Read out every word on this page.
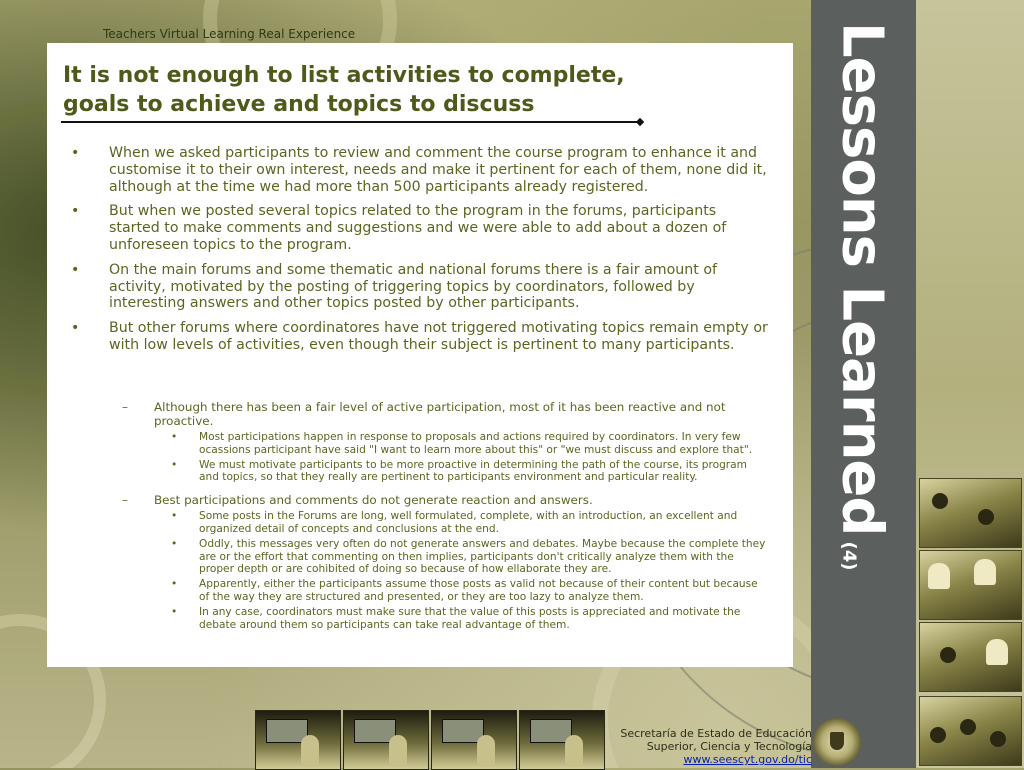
Teachers Virtual Learning Real Experience
It is not enough to list activities to complete, goals to achieve and topics to discuss
• When we asked participants to review and comment the course program to enhance it and customise it to their own interest, needs and make it pertinent for each of them, none did it, although at the time we had more than 500 participants already registered.
• But when we posted several topics related to the program in the forums, participants started to make comments and suggestions and we were able to add about a dozen of unforeseen topics to the program.
• On the main forums and some thematic and national forums there is a fair amount of activity, motivated by the posting of triggering topics by coordinators, followed by interesting answers and other topics posted by other participants.
• But other forums where coordinatores have not triggered motivating topics remain empty or with low levels of activities, even though their subject is pertinent to many participants.
– Although there has been a fair level of active participation, most of it has been reactive and not proactive.
• Most participations happen in response to proposals and actions required by coordinators. In very few ocassions participant have said "I want to learn more about this" or "we must discuss and explore that".
• We must motivate participants to be more proactive in determining the path of the course, its program and topics, so that they really are pertinent to participants environment and particular reality.
– Best participations and comments do not generate reaction and answers.
• Some posts in the Forums are long, well formulated, complete, with an introduction, an excellent and organized detail of concepts and conclusions at the end.
• Oddly, this messages very often do not generate answers and debates. Maybe because the complete they are or the effort that commenting on then implies, participants don't critically analyze them with the proper depth or are cohibited of doing so because of how ellaborate they are.
• Apparently, either the participants assume those posts as valid not because of their content but because of the way they are structured and presented, or they are too lazy to analyze them.
• In any case, coordinators must make sure that the value of this posts is appreciated and motivate the debate around them so participants can take real advantage of them.
Lessons Learned(4)
Secretaría de Estado de Educación
Superior, Ciencia y Tecnología
www.seescyt.gov.do/tic
